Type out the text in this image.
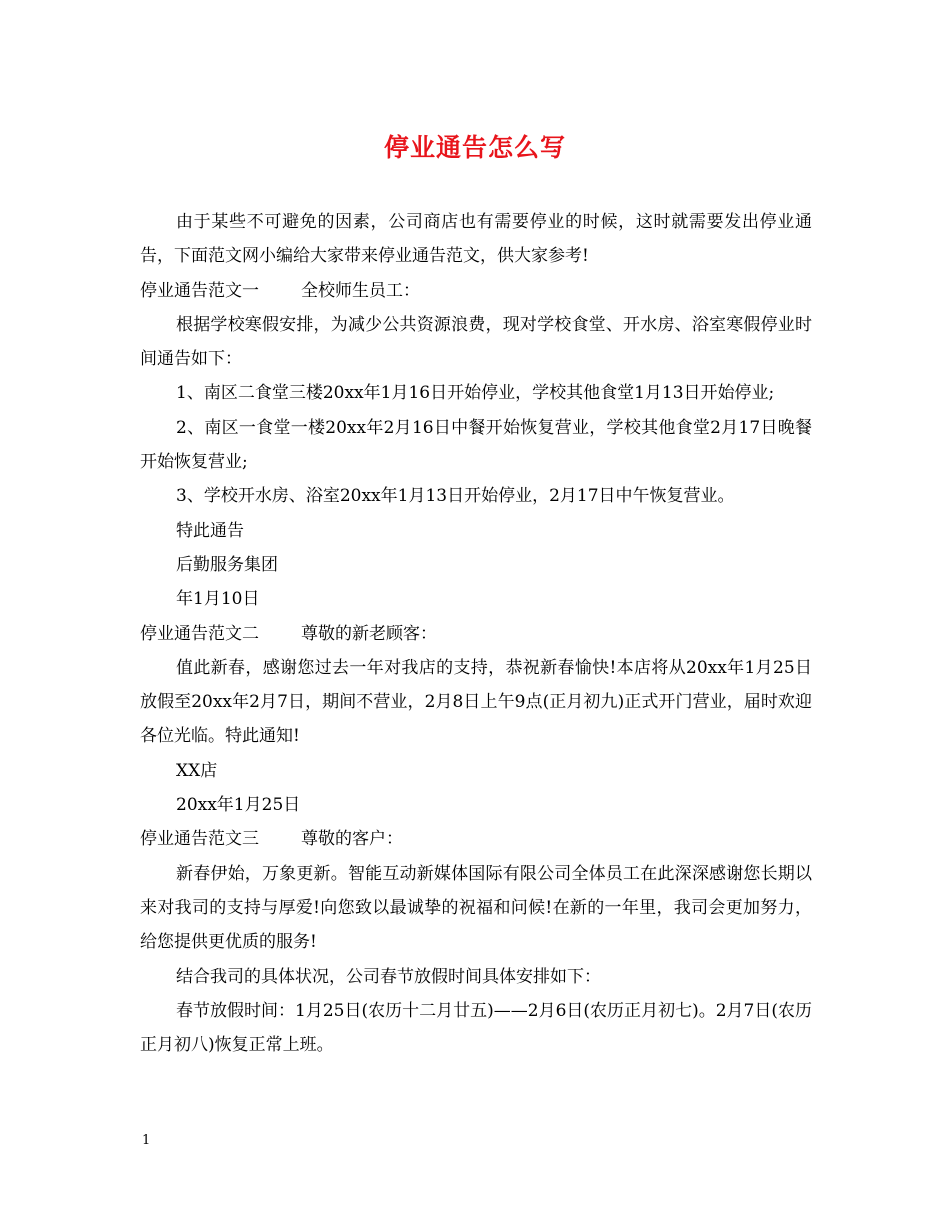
停业通告怎么写

由于某些不可避免的因素，公司商店也有需要停业的时候，这时就需要发出停业通告，下面范文网小编给大家带来停业通告范文，供大家参考!

停业通告范文一 全校师生员工：

根据学校寒假安排，为减少公共资源浪费，现对学校食堂、开水房、浴室寒假停业时间通告如下：

1、南区二食堂三楼20xx年1月16日开始停业，学校其他食堂1月13日开始停业;

2、南区一食堂一楼20xx年2月16日中餐开始恢复营业，学校其他食堂2月17日晚餐开始恢复营业;

3、学校开水房、浴室20xx年1月13日开始停业，2月17日中午恢复营业。

特此通告

后勤服务集团

年1月10日

停业通告范文二 尊敬的新老顾客：

值此新春，感谢您过去一年对我店的支持，恭祝新春愉快!本店将从20xx年1月25日放假至20xx年2月7日，期间不营业，2月8日上午9点(正月初九)正式开门营业，届时欢迎各位光临。特此通知!

XX店

20xx年1月25日

停业通告范文三 尊敬的客户：

新春伊始，万象更新。智能互动新媒体国际有限公司全体员工在此深深感谢您长期以来对我司的支持与厚爱!向您致以最诚挚的祝福和问候!在新的一年里，我司会更加努力，给您提供更优质的服务!

结合我司的具体状况，公司春节放假时间具体安排如下：

春节放假时间：1月25日(农历十二月廿五)——2月6日(农历正月初七)。2月7日(农历正月初八)恢复正常上班。

1
